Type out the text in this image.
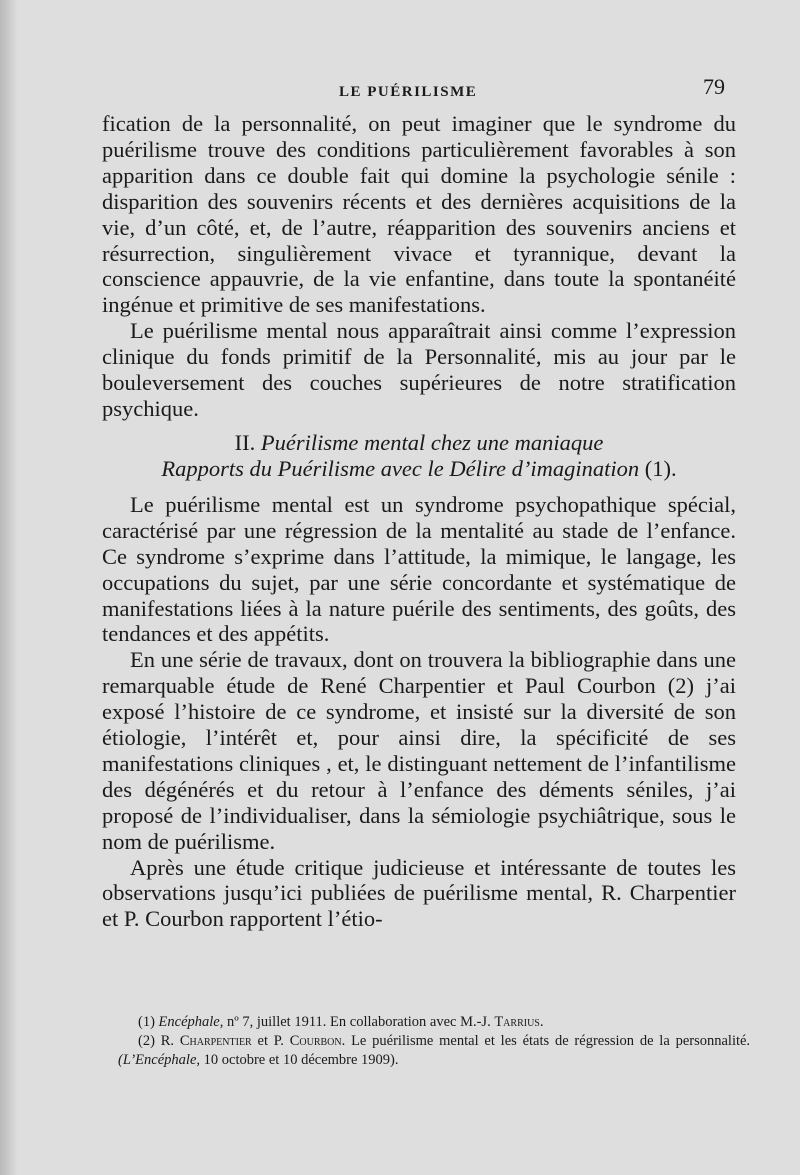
LE PUÉRILISME	79

fication de la personnalité, on peut imaginer que le syndrome du puérilisme trouve des conditions particulièrement favorables à son apparition dans ce double fait qui domine la psychologie sénile : disparition des souvenirs récents et des dernières acquisitions de la vie, d’un côté, et, de l’autre, réapparition des souvenirs anciens et résurrection, singulièrement vivace et tyrannique, devant la conscience appauvrie, de la vie enfantine, dans toute la spontanéité ingénue et primitive de ses manifestations.

Le puérilisme mental nous apparaîtrait ainsi comme l’expression clinique du fonds primitif de la Personnalité, mis au jour par le bouleversement des couches supérieures de notre stratification psychique.

II. Puérilisme mental chez une maniaque
Rapports du Puérilisme avec le Délire d’imagination (1).

Le puérilisme mental est un syndrome psychopathique spécial, caractérisé par une régression de la mentalité au stade de l’enfance. Ce syndrome s’exprime dans l’attitude, la mimique, le langage, les occupations du sujet, par une série concordante et systématique de manifestations liées à la nature puérile des sentiments, des goûts, des tendances et des appétits.

En une série de travaux, dont on trouvera la bibliographie dans une remarquable étude de René Charpentier et Paul Courbon (2) j’ai exposé l’histoire de ce syndrome, et insisté sur la diversité de son étiologie, l’intérêt et, pour ainsi dire, la spécificité de ses manifestations cliniques , et, le distinguant nettement de l’infantilisme des dégénérés et du retour à l’enfance des déments séniles, j’ai proposé de l’individualiser, dans la sémiologie psychiâtrique, sous le nom de puérilisme.

Après une étude critique judicieuse et intéressante de toutes les observations jusqu’ici publiées de puérilisme mental, R. Charpentier et P. Courbon rapportent l’étio-

(1) Encéphale, nº 7, juillet 1911. En collaboration avec M.-J. Tarrius.

(2) R. Charpentier et P. Courbon. Le puérilisme mental et les états de régression de la personnalité. (L’Encéphale, 10 octobre et 10 décembre 1909).
